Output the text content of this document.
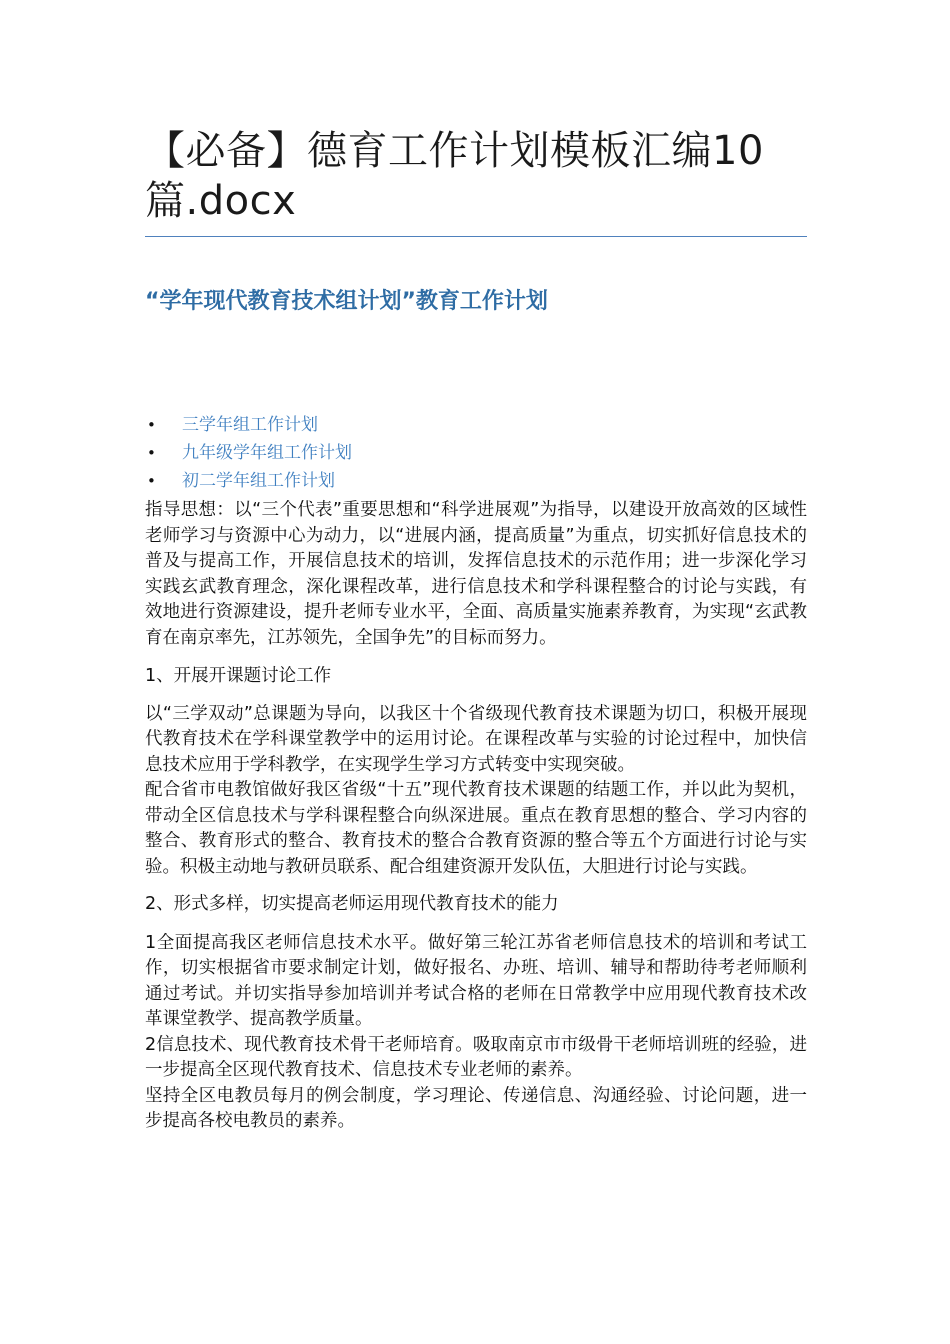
【必备】德育工作计划模板汇编10篇.docx
“学年现代教育技术组计划”教育工作计划
• 三学年组工作计划
• 九年级学年组工作计划
• 初二学年组工作计划

指导思想：以“三个代表”重要思想和“科学进展观”为指导，以建设开放高效的区域性老师学习与资源中心为动力，以“进展内涵，提高质量”为重点，切实抓好信息技术的普及与提高工作，开展信息技术的培训，发挥信息技术的示范作用；进一步深化学习实践玄武教育理念，深化课程改革，进行信息技术和学科课程整合的讨论与实践，有效地进行资源建设，提升老师专业水平，全面、高质量实施素养教育，为实现“玄武教育在南京率先，江苏领先，全国争先”的目标而努力。

1、开展开课题讨论工作

以“三学双动”总课题为导向，以我区十个省级现代教育技术课题为切口，积极开展现代教育技术在学科课堂教学中的运用讨论。在课程改革与实验的讨论过程中，加快信息技术应用于学科教学，在实现学生学习方式转变中实现突破。

配合省市电教馆做好我区省级“十五”现代教育技术课题的结题工作，并以此为契机，带动全区信息技术与学科课程整合向纵深进展。重点在教育思想的整合、学习内容的整合、教育形式的整合、教育技术的整合合教育资源的整合等五个方面进行讨论与实验。积极主动地与教研员联系、配合组建资源开发队伍，大胆进行讨论与实践。

2、形式多样，切实提高老师运用现代教育技术的能力

1全面提高我区老师信息技术水平。做好第三轮江苏省老师信息技术的培训和考试工作，切实根据省市要求制定计划，做好报名、办班、培训、辅导和帮助待考老师顺利通过考试。并切实指导参加培训并考试合格的老师在日常教学中应用现代教育技术改革课堂教学、提高教学质量。

2信息技术、现代教育技术骨干老师培育。吸取南京市市级骨干老师培训班的经验，进一步提高全区现代教育技术、信息技术专业老师的素养。

坚持全区电教员每月的例会制度，学习理论、传递信息、沟通经验、讨论问题，进一步提高各校电教员的素养。
